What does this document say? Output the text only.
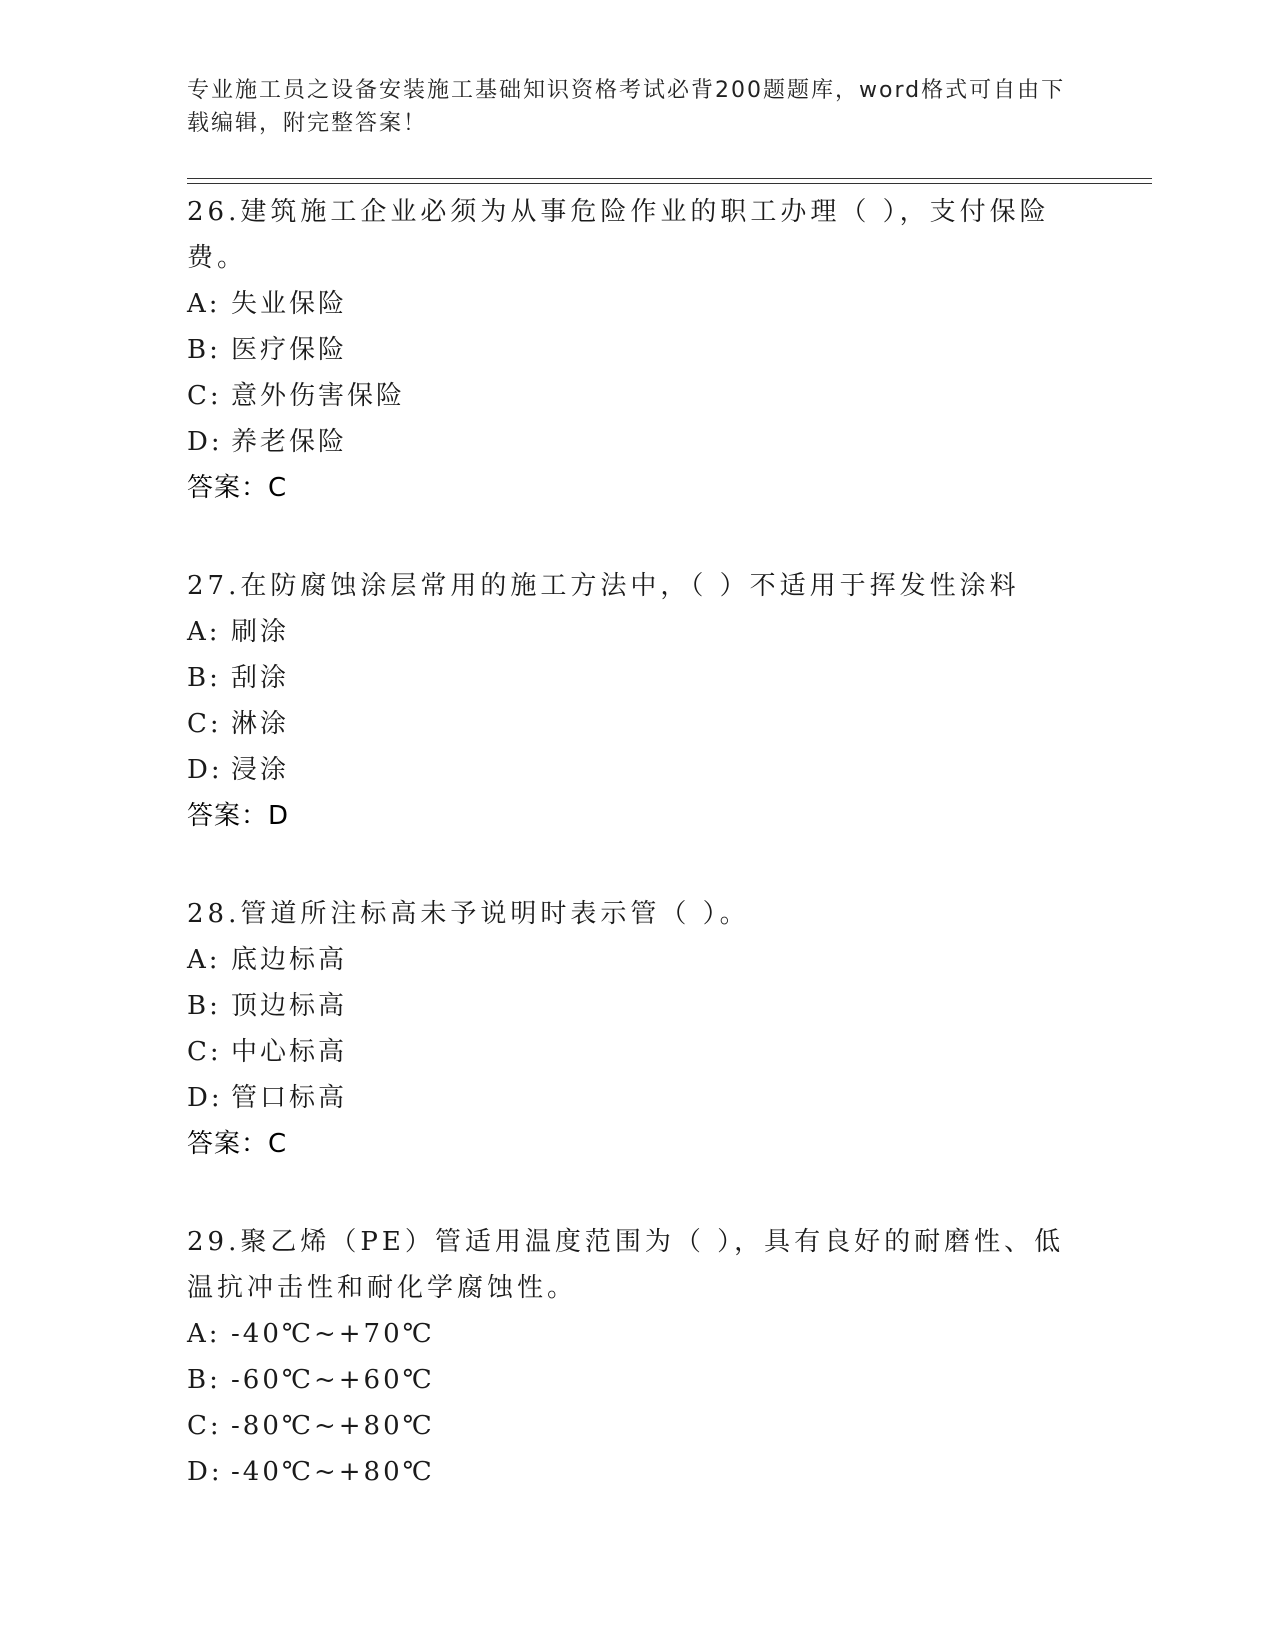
专业施工员之设备安装施工基础知识资格考试必背200题题库，word格式可自由下载编辑，附完整答案！

26.建筑施工企业必须为从事危险作业的职工办理（ ），支付保险费。

A: 失业保险

B: 医疗保险

C: 意外伤害保险

D: 养老保险

答案：C

27.在防腐蚀涂层常用的施工方法中，（ ）不适用于挥发性涂料

A: 刷涂

B: 刮涂

C: 淋涂

D: 浸涂

答案：D

28.管道所注标高未予说明时表示管（ ）。

A: 底边标高

B: 顶边标高

C: 中心标高

D: 管口标高

答案：C

29.聚乙烯（PE）管适用温度范围为（ ），具有良好的耐磨性、低温抗冲击性和耐化学腐蚀性。

A: -40℃~+70℃

B: -60℃~+60℃

C: -80℃~+80℃

D: -40℃~+80℃
